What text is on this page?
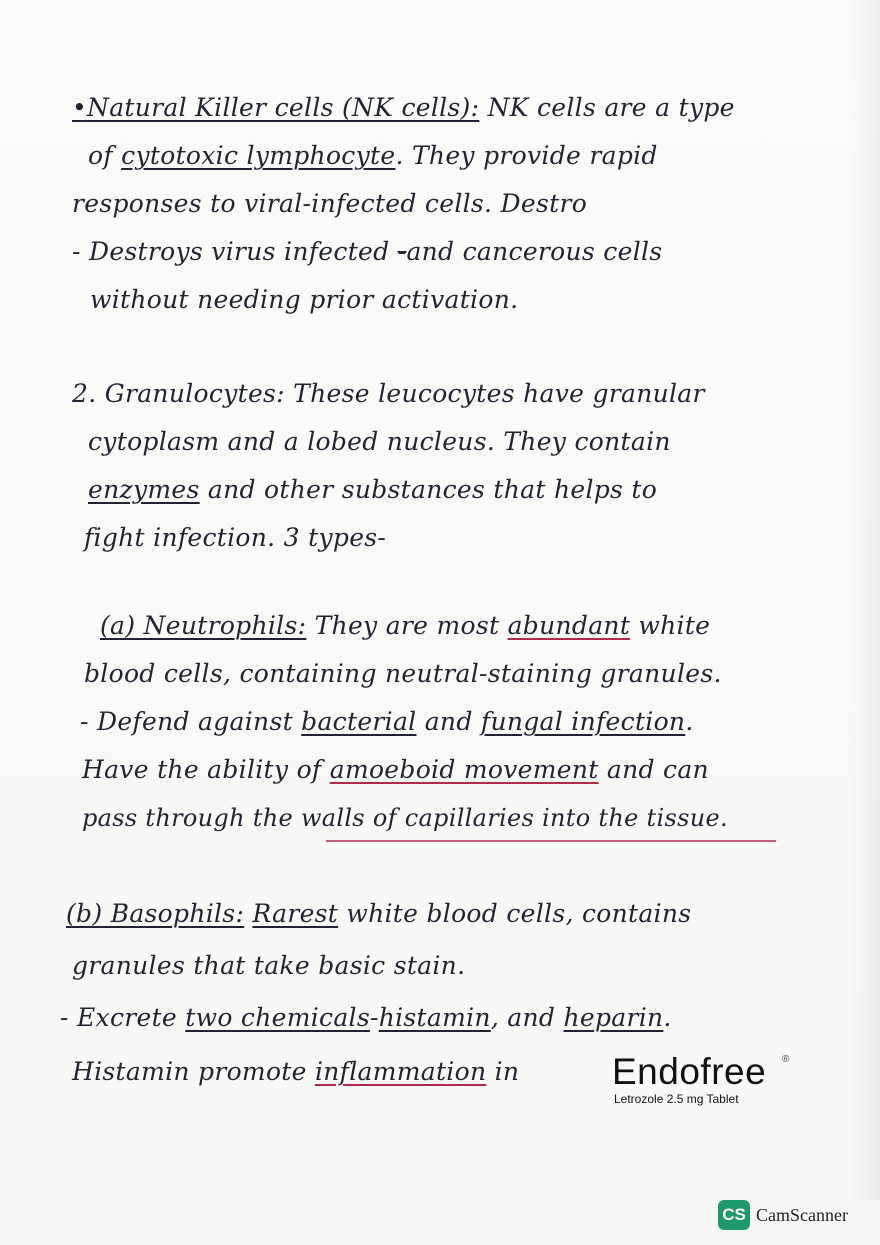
•Natural Killer cells (NK cells): NK cells are a type
of cytotoxic lymphocyte. They provide rapid
responses to viral-infected cells. Destro
- Destroys virus infected -and cancerous cells
without needing prior activation.
2. Granulocytes: These leucocytes have granular
cytoplasm and a lobed nucleus. They contain
enzymes and other substances that helps to
fight infection. 3 types-
(a) Neutrophils: They are most abundant white
blood cells, containing neutral-staining granules.
- Defend against bacterial and fungal infection.
Have the ability of amoeboid movement and can
pass through the walls of capillaries into the tissue.
(b) Basophils: Rarest white blood cells, contains
granules that take basic stain.
- Excrete two chemicals-histamin, and heparin.
Histamin promote inflammation in	Endofree
Letrozole 2.5 mg Tablet
®
CS CamScanner
